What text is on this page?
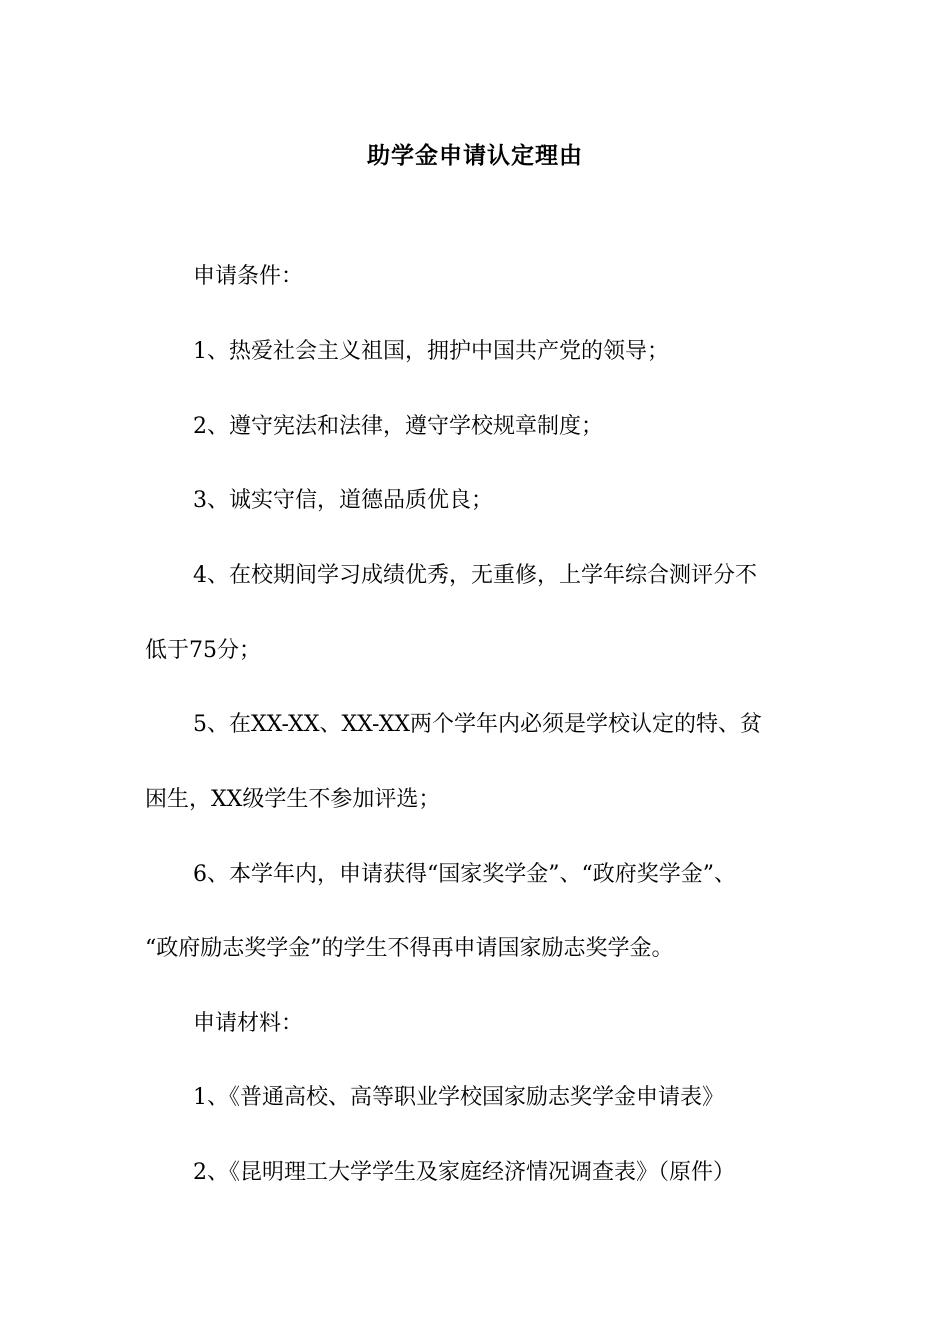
助学金申请认定理由
申请条件：
1、热爱社会主义祖国，拥护中国共产党的领导；
2、遵守宪法和法律，遵守学校规章制度；
3、诚实守信，道德品质优良；
4、在校期间学习成绩优秀，无重修，上学年综合测评分不
低于75分；
5、在XX-XX、XX-XX两个学年内必须是学校认定的特、贫
困生，XX级学生不参加评选；
6、本学年内，申请获得“国家奖学金”、“政府奖学金”、
“政府励志奖学金”的学生不得再申请国家励志奖学金。
申请材料：
1、《普通高校、高等职业学校国家励志奖学金申请表》
2、《昆明理工大学学生及家庭经济情况调查表》（原件）
